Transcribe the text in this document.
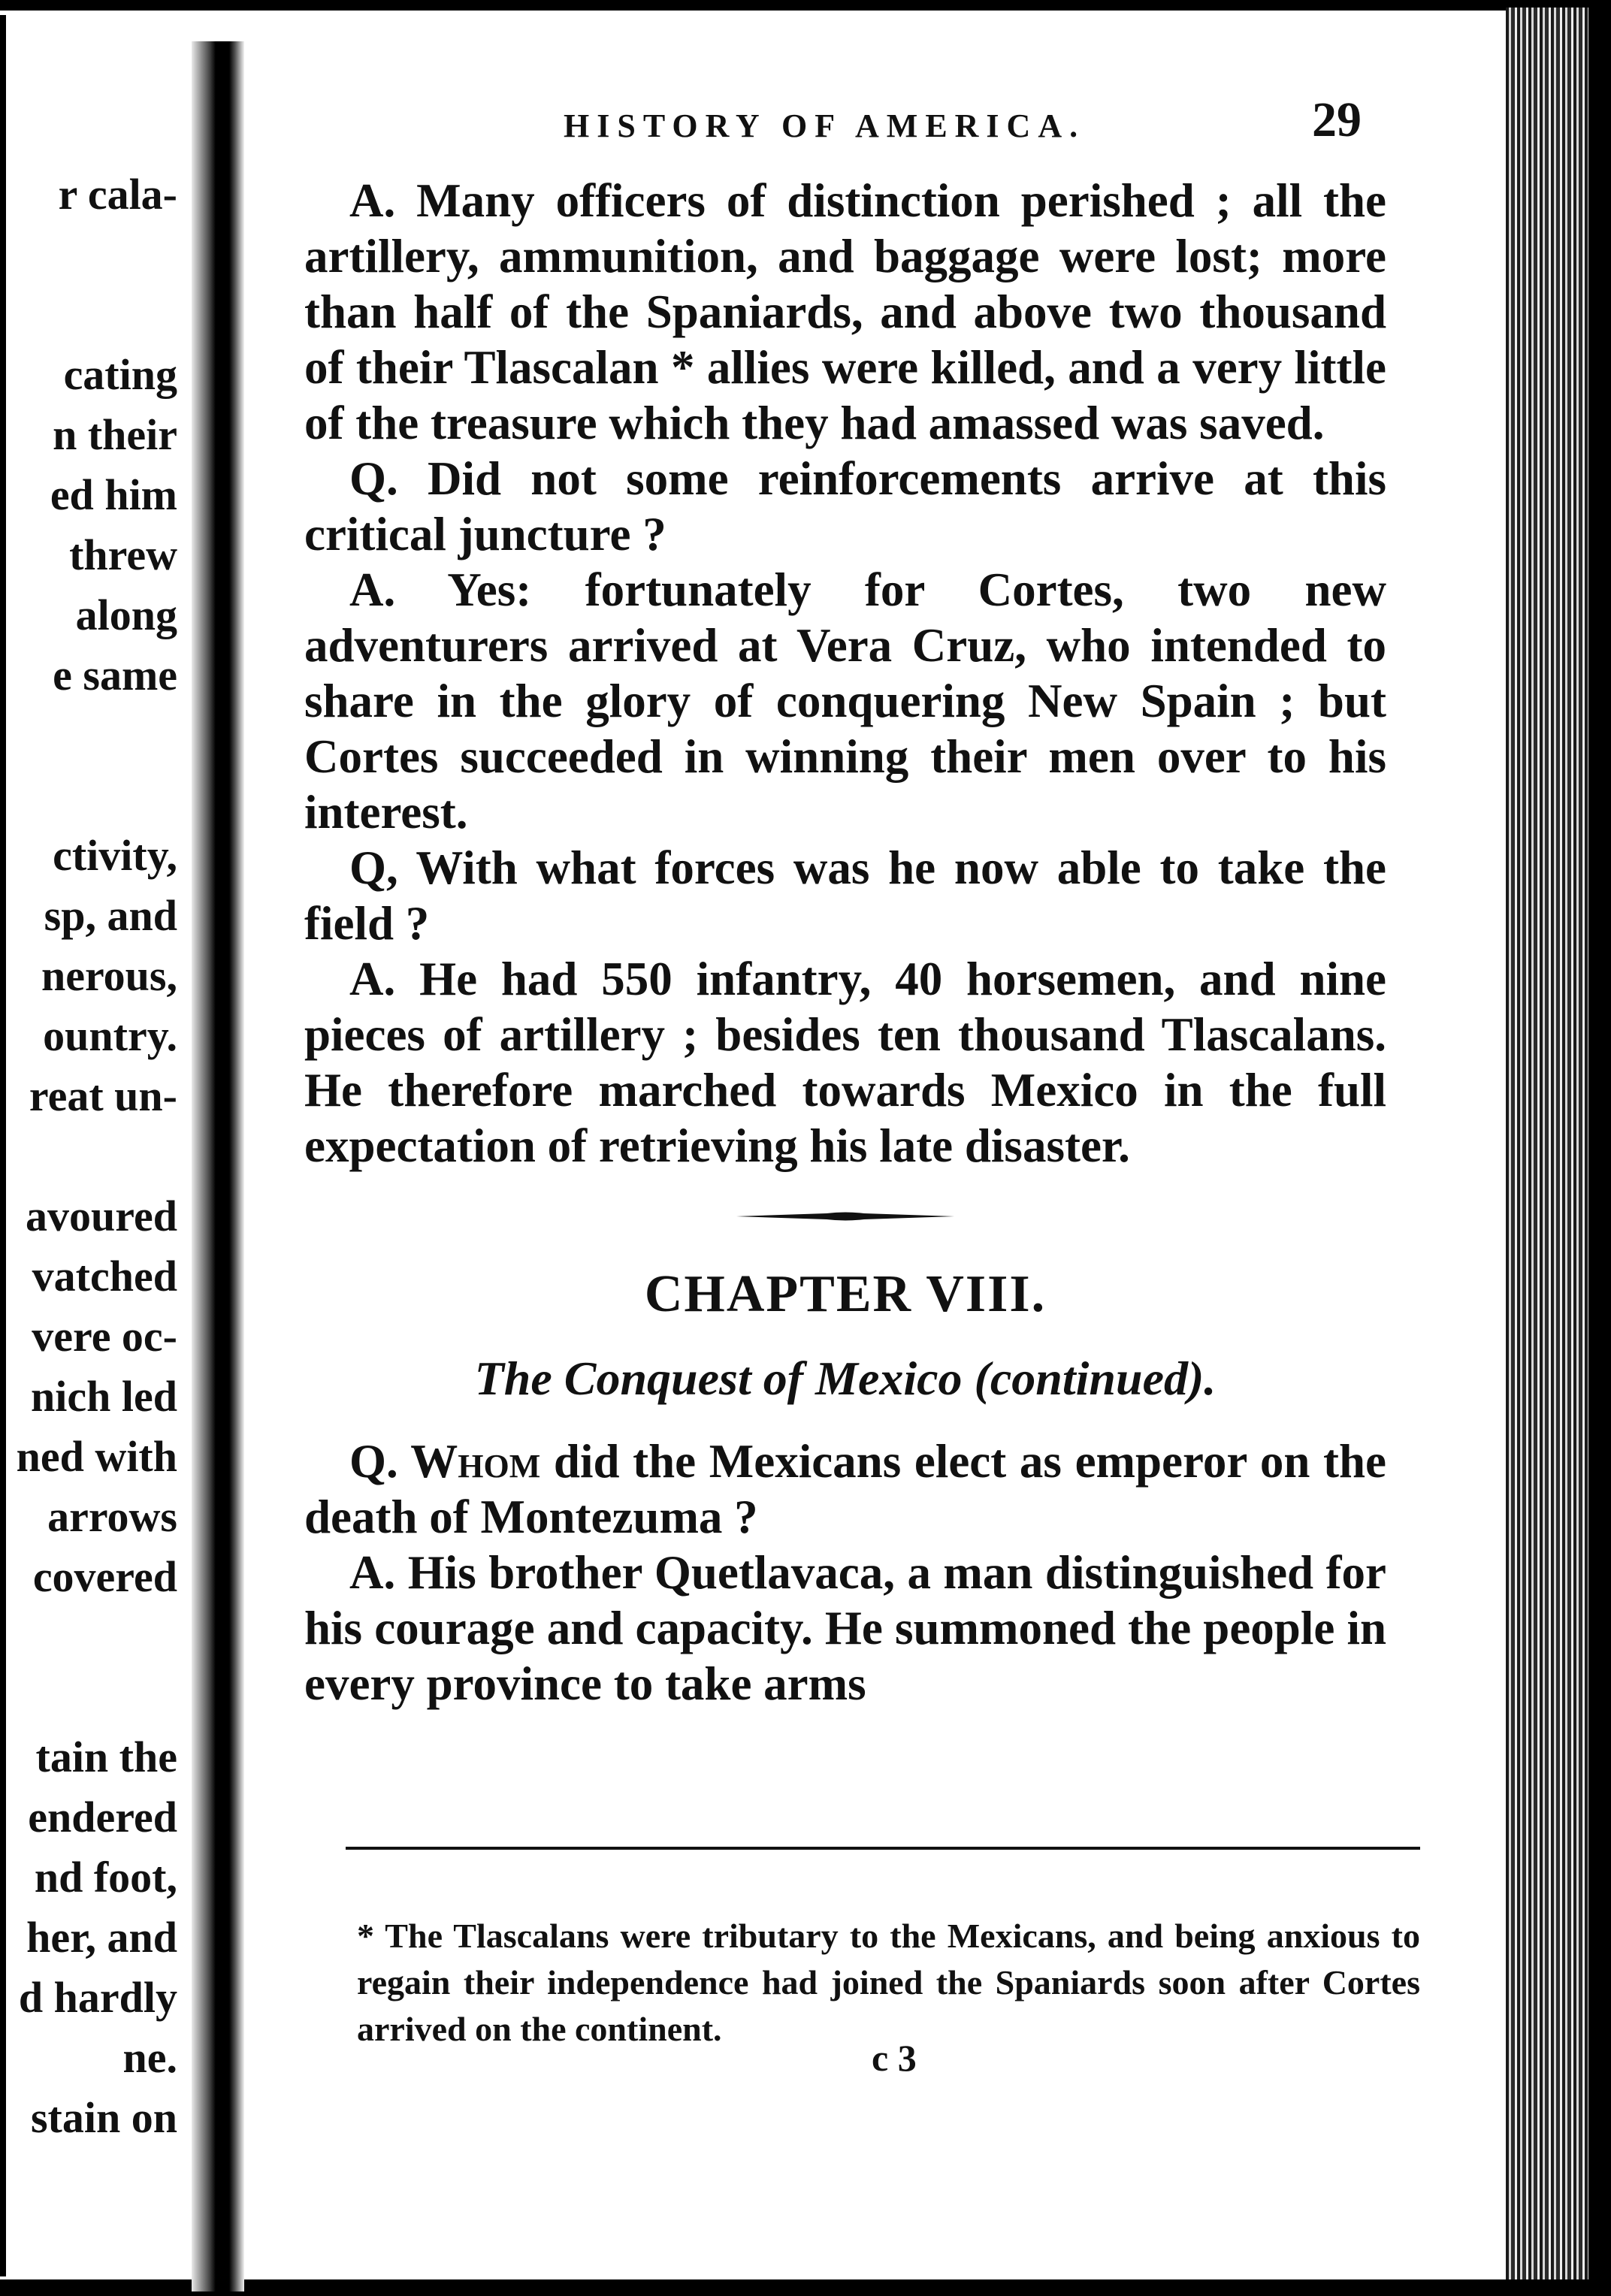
r cala-
cating
n their
ed him
threw
along
e same
ctivity,
sp, and
nerous,
ountry.
reat un-
avoured
vatched
vere oc-
nich led
ned with
arrows
covered
tain the
endered
nd foot,
her, and
d hardly
ne.
stain on
HISTORY OF AMERICA.	29

A. Many officers of distinction perished ; all the artillery, ammunition, and baggage were lost; more than half of the Spaniards, and above two thousand of their Tlascalan * allies were killed, and a very little of the treasure which they had amassed was saved.

Q. Did not some reinforcements arrive at this critical juncture ?

A. Yes: fortunately for Cortes, two new adventurers arrived at Vera Cruz, who intended to share in the glory of conquering New Spain ; but Cortes succeeded in winning their men over to his interest.

Q, With what forces was he now able to take the field ?

A. He had 550 infantry, 40 horsemen, and nine pieces of artillery ; besides ten thousand Tlascalans. He therefore marched towards Mexico in the full expectation of retrieving his late disaster.

CHAPTER VIII.

The Conquest of Mexico (continued).

Q. Whom did the Mexicans elect as emperor on the death of Montezuma ?

A. His brother Quetlavaca, a man distinguished for his courage and capacity. He summoned the people in every province to take arms

* The Tlascalans were tributary to the Mexicans, and being anxious to regain their independence had joined the Spaniards soon after Cortes arrived on the continent.

c 3
